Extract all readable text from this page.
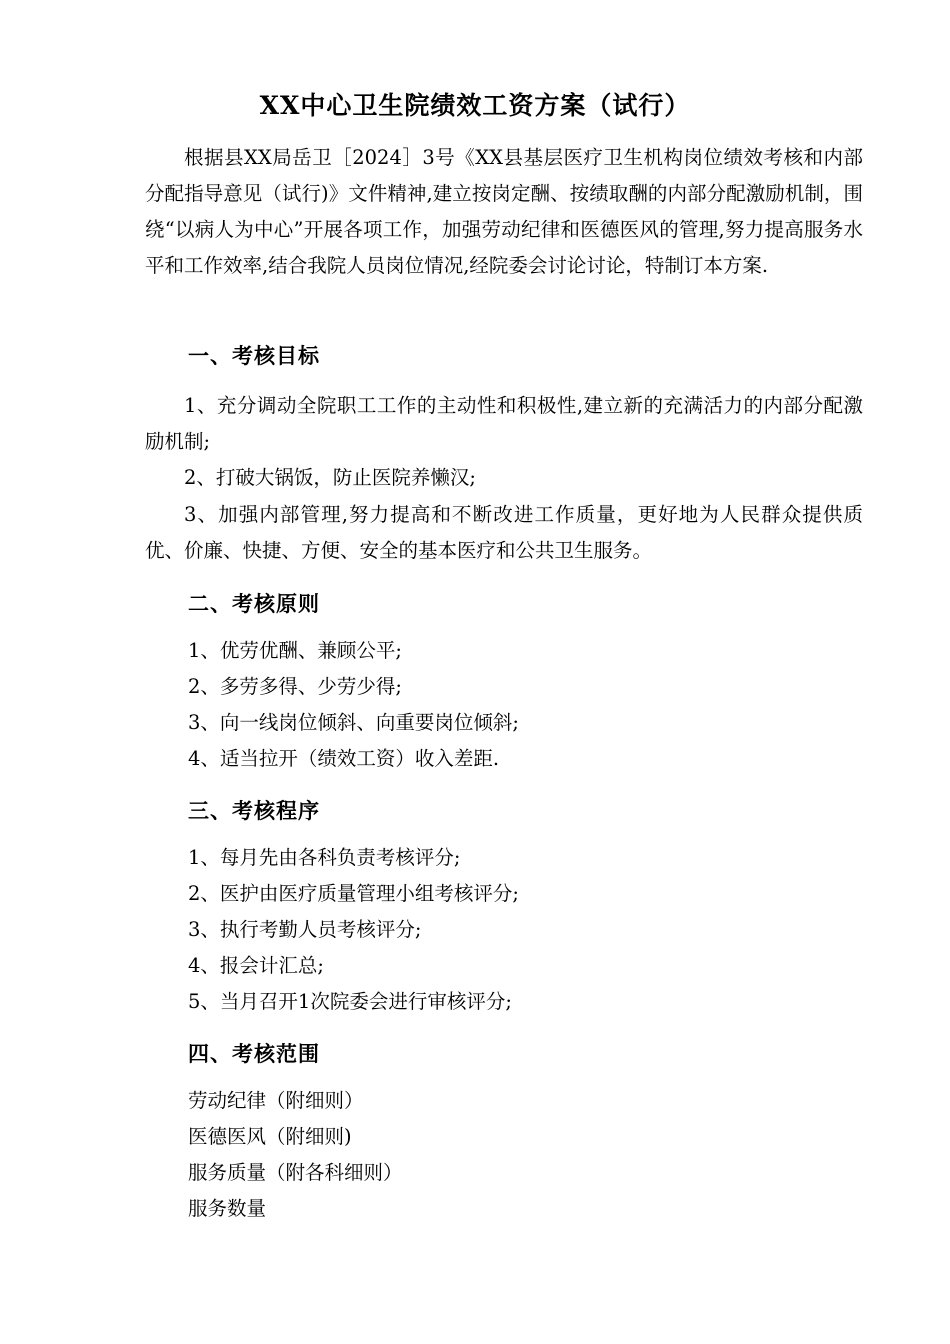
XX中心卫生院绩效工资方案（试行）
根据县XX局岳卫［2024］3号《XX县基层医疗卫生机构岗位绩效考核和内部分配指导意见（试行)》文件精神,建立按岗定酬、按绩取酬的内部分配激励机制，围绕“以病人为中心”开展各项工作，加强劳动纪律和医德医风的管理,努力提高服务水平和工作效率,结合我院人员岗位情况,经院委会讨论讨论，特制订本方案.
一、考核目标
1、充分调动全院职工工作的主动性和积极性,建立新的充满活力的内部分配激励机制;
2、打破大锅饭，防止医院养懒汉;
3、加强内部管理,努力提高和不断改进工作质量，更好地为人民群众提供质优、价廉、快捷、方便、安全的基本医疗和公共卫生服务。
二、考核原则
1、优劳优酬、兼顾公平;
2、多劳多得、少劳少得;
3、向一线岗位倾斜、向重要岗位倾斜;
4、适当拉开（绩效工资）收入差距.
三、考核程序
1、每月先由各科负责考核评分;
2、医护由医疗质量管理小组考核评分;
3、执行考勤人员考核评分;
4、报会计汇总;
5、当月召开1次院委会进行审核评分;
四、考核范围
劳动纪律（附细则）
医德医风（附细则)
服务质量（附各科细则）
服务数量
